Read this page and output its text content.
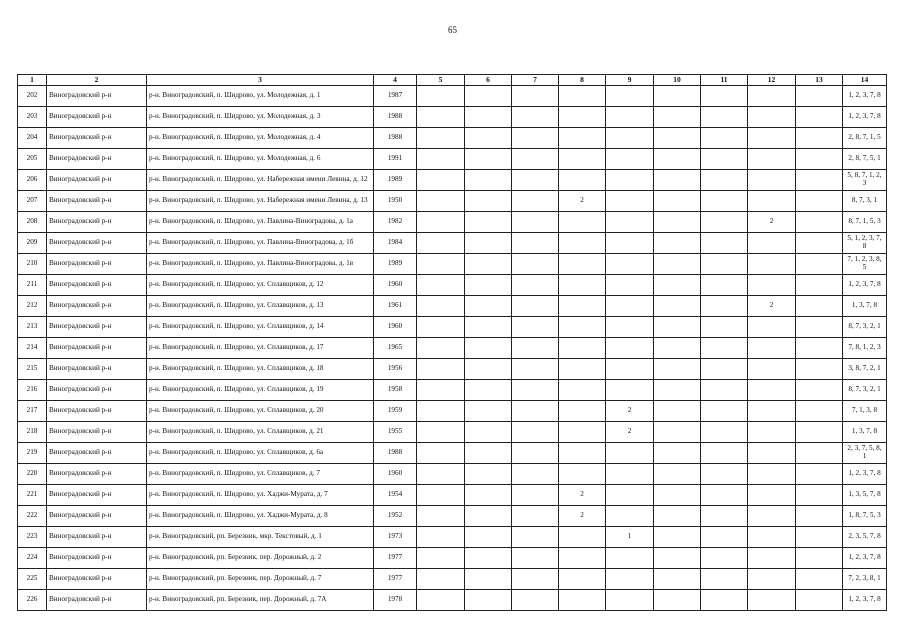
65
1	2	3	4	5	6	7	8	9	10	11	12	13	14
202	Виноградовский р-н	р-н. Виноградовский, п. Шидрово, ул. Молодежная, д. 1	1987										1, 2, 3, 7, 8
203	Виноградовский р-н	р-н. Виноградовский, п. Шидрово, ул. Молодежная, д. 3	1988										1, 2, 3, 7, 8
204	Виноградовский р-н	р-н. Виноградовский, п. Шидрово, ул. Молодежная, д. 4	1988										2, 8, 7, 1, 5
205	Виноградовский р-н	р-н. Виноградовский, п. Шидрово, ул. Молодежная, д. 6	1991										2, 8, 7, 5, 1
206	Виноградовский р-н	р-н. Виноградовский, п. Шидрово, ул. Набережная имени Левина, д. 12	1989										5, 8, 7, 1, 2, 3
207	Виноградовский р-н	р-н. Виноградовский, п. Шидрово, ул. Набережная имени Левина, д. 13	1950				2						8, 7, 3, 1
208	Виноградовский р-н	р-н. Виноградовский, п. Шидрово, ул. Павлина-Виноградова, д. 1а	1982								2		8, 7, 1, 5, 3
209	Виноградовский р-н	р-н. Виноградовский, п. Шидрово, ул. Павлина-Виноградова, д. 1б	1984										5, 1, 2, 3, 7, 8
210	Виноградовский р-н	р-н. Виноградовский, п. Шидрово, ул. Павлина-Виноградова, д. 1в	1989										7, 1, 2, 3, 8, 5
211	Виноградовский р-н	р-н. Виноградовский, п. Шидрово, ул. Сплавщиков, д. 12	1960										1, 2, 3, 7, 8
212	Виноградовский р-н	р-н. Виноградовский, п. Шидрово, ул. Сплавщиков, д. 13	1961								2		1, 3, 7, 8
213	Виноградовский р-н	р-н. Виноградовский, п. Шидрово, ул. Сплавщиков, д. 14	1960										8, 7, 3, 2, 1
214	Виноградовский р-н	р-н. Виноградовский, п. Шидрово, ул. Сплавщиков, д. 17	1965										7, 8, 1, 2, 3
215	Виноградовский р-н	р-н. Виноградовский, п. Шидрово, ул. Сплавщиков, д. 18	1956										3, 8, 7, 2, 1
216	Виноградовский р-н	р-н. Виноградовский, п. Шидрово, ул. Сплавщиков, д. 19	1958										8, 7, 3, 2, 1
217	Виноградовский р-н	р-н. Виноградовский, п. Шидрово, ул. Сплавщиков, д. 20	1959					2					7, 1, 3, 8
218	Виноградовский р-н	р-н. Виноградовский, п. Шидрово, ул. Сплавщиков, д. 21	1955					2					1, 3, 7, 8
219	Виноградовский р-н	р-н. Виноградовский, п. Шидрово, ул. Сплавщиков, д. 6а	1988										2, 3, 7, 5, 8, 1
220	Виноградовский р-н	р-н. Виноградовский, п. Шидрово, ул. Сплавщиков, д. 7	1960										1, 2, 3, 7, 8
221	Виноградовский р-н	р-н. Виноградовский, п. Шидрово, ул. Хаджи-Мурата, д. 7	1954				2						1, 3, 5, 7, 8
222	Виноградовский р-н	р-н. Виноградовский, п. Шидрово, ул. Хаджи-Мурата, д. 8	1952				2						1, 8, 7, 5, 3
223	Виноградовский р-н	р-н. Виноградовский, рп. Березник, мкр. Текстовый, д. 1	1973					1					2, 3, 5, 7, 8
224	Виноградовский р-н	р-н. Виноградовский, рп. Березник, пер. Дорожный, д. 2	1977										1, 2, 3, 7, 8
225	Виноградовский р-н	р-н. Виноградовский, рп. Березник, пер. Дорожный, д. 7	1977										7, 2, 3, 8, 1
226	Виноградовский р-н	р-н. Виноградовский, рп. Березник, пер. Дорожный, д. 7А	1978										1, 2, 3, 7, 8
